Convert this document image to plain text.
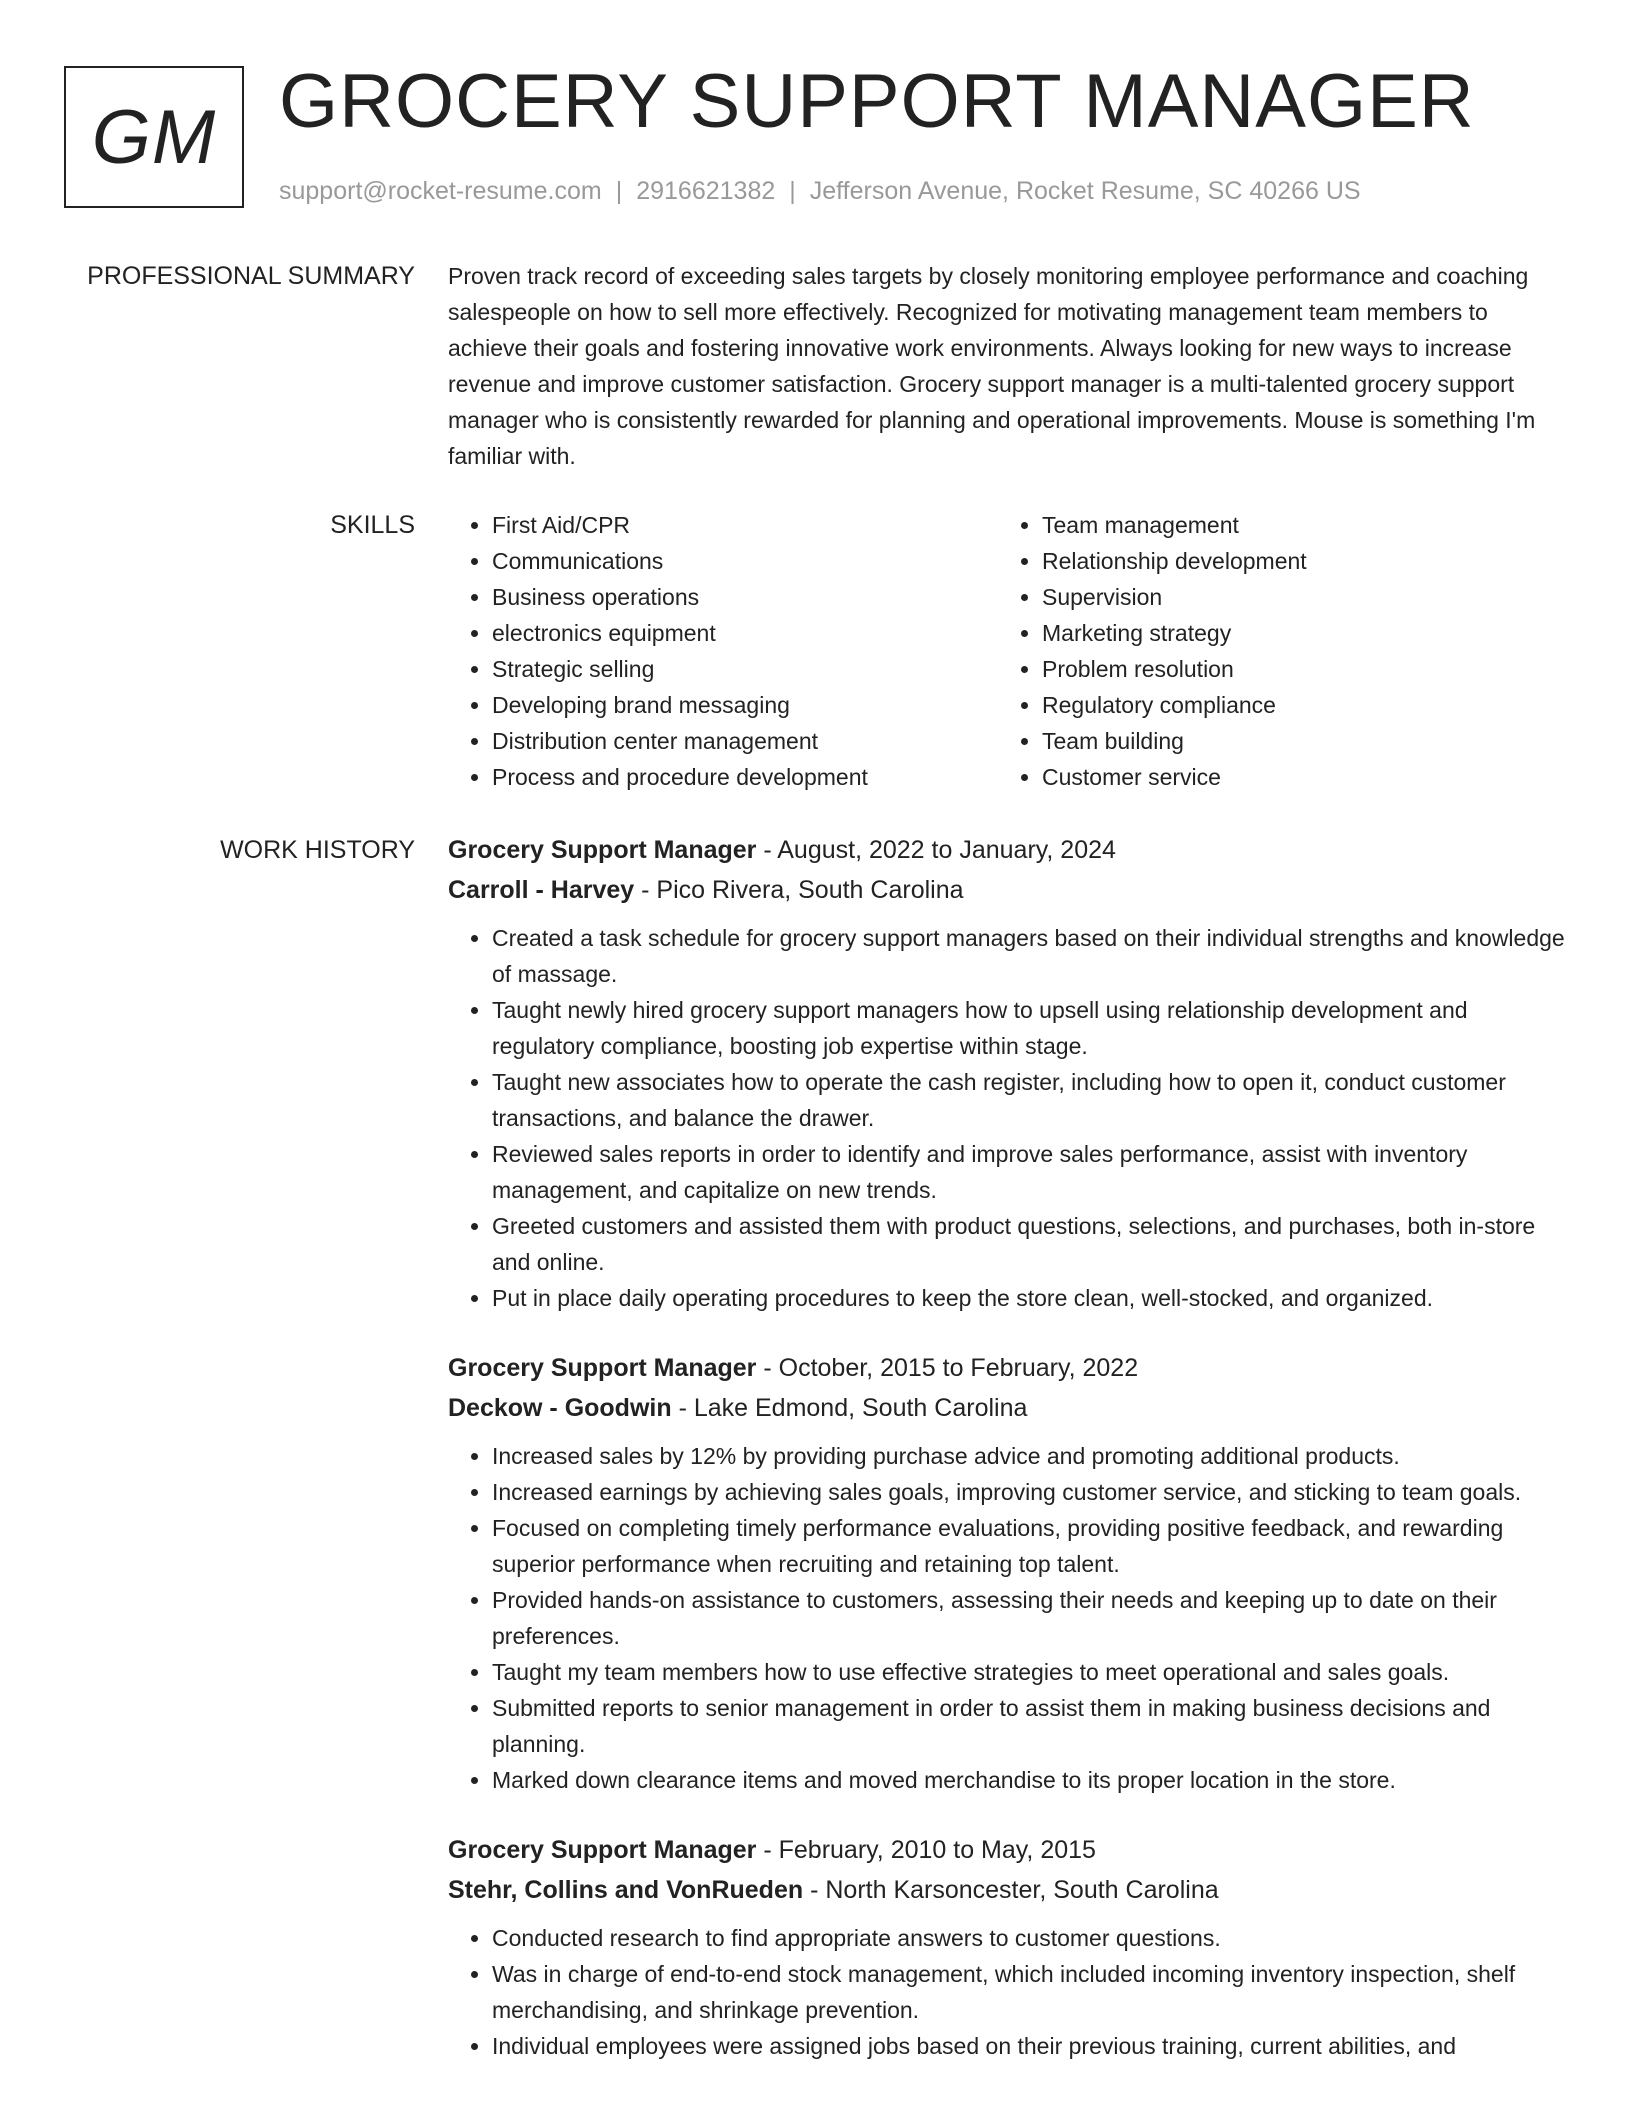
GM GROCERY SUPPORT MANAGER
support@rocket-resume.com | 2916621382 | Jefferson Avenue, Rocket Resume, SC 40266 US
PROFESSIONAL SUMMARY Proven track record of exceeding sales targets by closely monitoring employee performance and coaching salespeople on how to sell more effectively. Recognized for motivating management team members to achieve their goals and fostering innovative work environments. Always looking for new ways to increase revenue and improve customer satisfaction. Grocery support manager is a multi-talented grocery support manager who is consistently rewarded for planning and operational improvements. Mouse is something I'm familiar with.

SKILLS
•	First Aid/CPR
• Communications
• Business operations
• electronics equipment
• Strategic selling
• Developing brand messaging
• Distribution center management
• Process and procedure development
• Team management
• Relationship development
• Supervision
• Marketing strategy
• Problem resolution
• Regulatory compliance
• Team building
• Customer service
WORK HISTORY Grocery Support Manager - August, 2022 to January, 2024
Carroll - Harvey - Pico Rivera, South Carolina
• Created a task schedule for grocery support managers based on their individual strengths and knowledge of massage.
• Taught newly hired grocery support managers how to upsell using relationship development and regulatory compliance, boosting job expertise within stage.
• Taught new associates how to operate the cash register, including how to open it, conduct customer transactions, and balance the drawer.
• Reviewed sales reports in order to identify and improve sales performance, assist with inventory management, and capitalize on new trends.
• Greeted customers and assisted them with product questions, selections, and purchases, both in-store and online.
• Put in place daily operating procedures to keep the store clean, well-stocked, and organized.
Grocery Support Manager - October, 2015 to February, 2022
Deckow - Goodwin - Lake Edmond, South Carolina
• Increased sales by 12% by providing purchase advice and promoting additional products.
• Increased earnings by achieving sales goals, improving customer service, and sticking to team goals.
• Focused on completing timely performance evaluations, providing positive feedback, and rewarding superior performance when recruiting and retaining top talent.
• Provided hands-on assistance to customers, assessing their needs and keeping up to date on their preferences.
• Taught my team members how to use effective strategies to meet operational and sales goals.
• Submitted reports to senior management in order to assist them in making business decisions and planning.
• Marked down clearance items and moved merchandise to its proper location in the store.
Grocery Support Manager - February, 2010 to May, 2015
Stehr, Collins and VonRueden - North Karsoncester, South Carolina
• Conducted research to find appropriate answers to customer questions.
• Was in charge of end-to-end stock management, which included incoming inventory inspection, shelf merchandising, and shrinkage prevention.
• Individual employees were assigned jobs based on their previous training, current abilities, and
